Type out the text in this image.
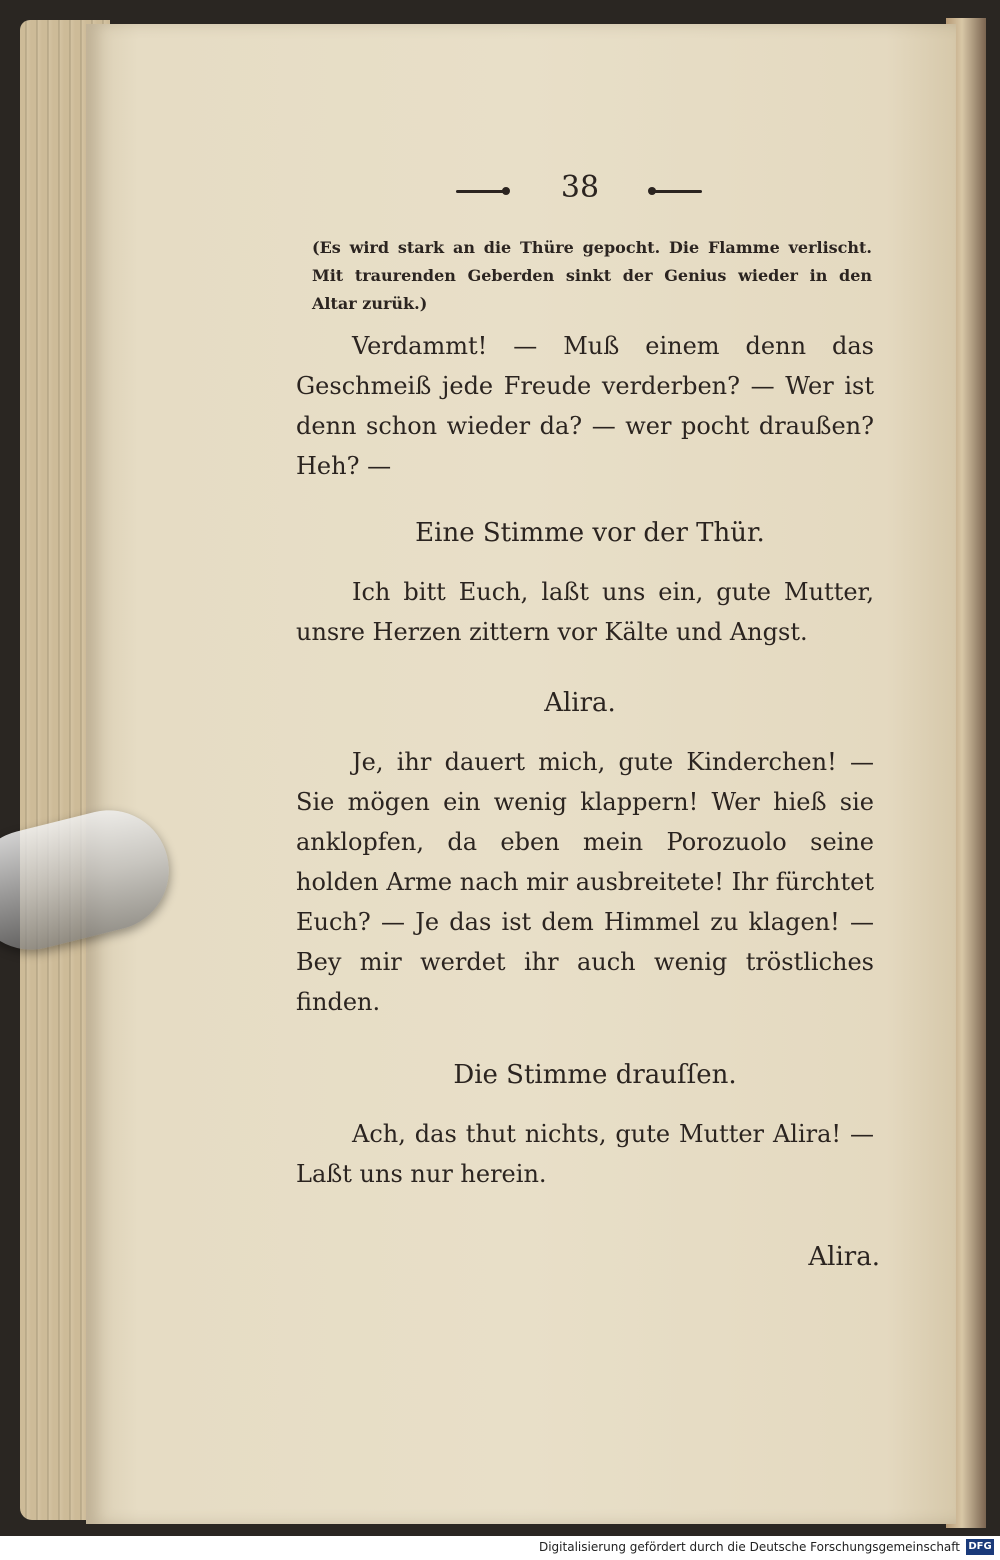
38
(Es wird stark an die Thüre gepocht. Die Flamme verlischt. Mit traurenden Geberden sinkt der Genius wieder in den Altar zurük.)
Verdammt! — Muß einem denn das Geschmeiß jede Freude verderben? — Wer ist denn schon wieder da? — wer pocht draußen? Heh? —
Eine Stimme vor der Thür.
Ich bitt Euch, laßt uns ein, gute Mutter, unsre Herzen zittern vor Kälte und Angst.
Alira.
Je, ihr dauert mich, gute Kinderchen! — Sie mögen ein wenig klappern! Wer hieß sie anklopfen, da eben mein Porozuolo seine holden Arme nach mir ausbreitete! Ihr fürchtet Euch? — Je das ist dem Himmel zu klagen! — Bey mir werdet ihr auch wenig tröstliches finden.
Die Stimme drauſſen.
Ach, das thut nichts, gute Mutter Alira! — Laßt uns nur herein.
Alira.
Digitalisierung gefördert durch die Deutsche Forschungsgemeinschaft DFG
